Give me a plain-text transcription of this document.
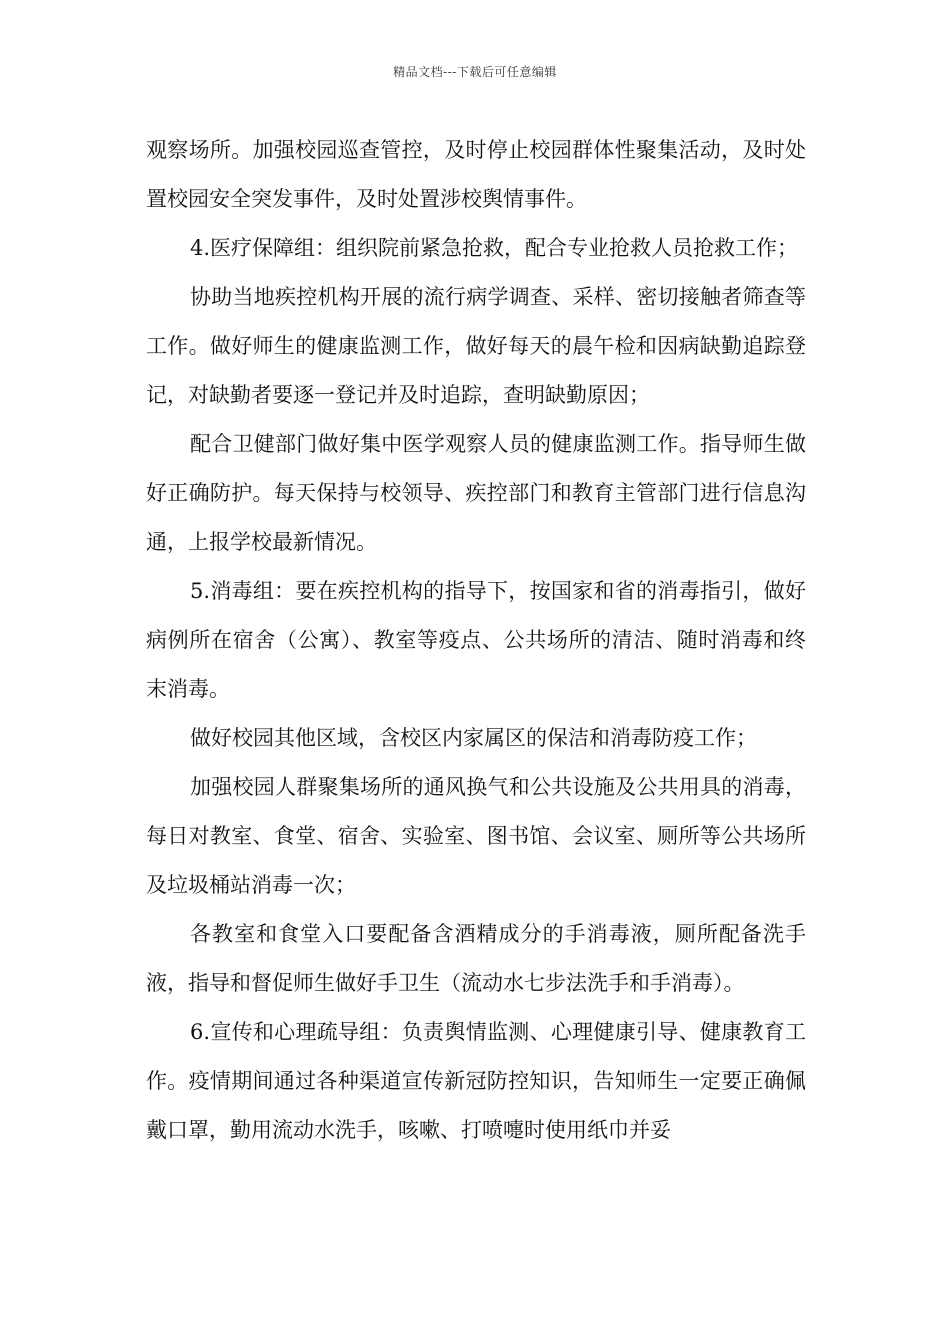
精品文档---下载后可任意编辑

观察场所。加强校园巡查管控，及时停止校园群体性聚集活动，及时处置校园安全突发事件，及时处置涉校舆情事件。

4.医疗保障组：组织院前紧急抢救，配合专业抢救人员抢救工作；

协助当地疾控机构开展的流行病学调查、采样、密切接触者筛查等工作。做好师生的健康监测工作，做好每天的晨午检和因病缺勤追踪登记，对缺勤者要逐一登记并及时追踪，查明缺勤原因；

配合卫健部门做好集中医学观察人员的健康监测工作。指导师生做好正确防护。每天保持与校领导、疾控部门和教育主管部门进行信息沟通，上报学校最新情况。

5.消毒组：要在疾控机构的指导下，按国家和省的消毒指引，做好病例所在宿舍（公寓）、教室等疫点、公共场所的清洁、随时消毒和终末消毒。

做好校园其他区域，含校区内家属区的保洁和消毒防疫工作；

加强校园人群聚集场所的通风换气和公共设施及公共用具的消毒，每日对教室、食堂、宿舍、实验室、图书馆、会议室、厕所等公共场所及垃圾桶站消毒一次；

各教室和食堂入口要配备含酒精成分的手消毒液，厕所配备洗手液，指导和督促师生做好手卫生（流动水七步法洗手和手消毒）。

6.宣传和心理疏导组：负责舆情监测、心理健康引导、健康教育工作。疫情期间通过各种渠道宣传新冠防控知识，告知师生一定要正确佩戴口罩，勤用流动水洗手，咳嗽、打喷嚏时使用纸巾并妥
